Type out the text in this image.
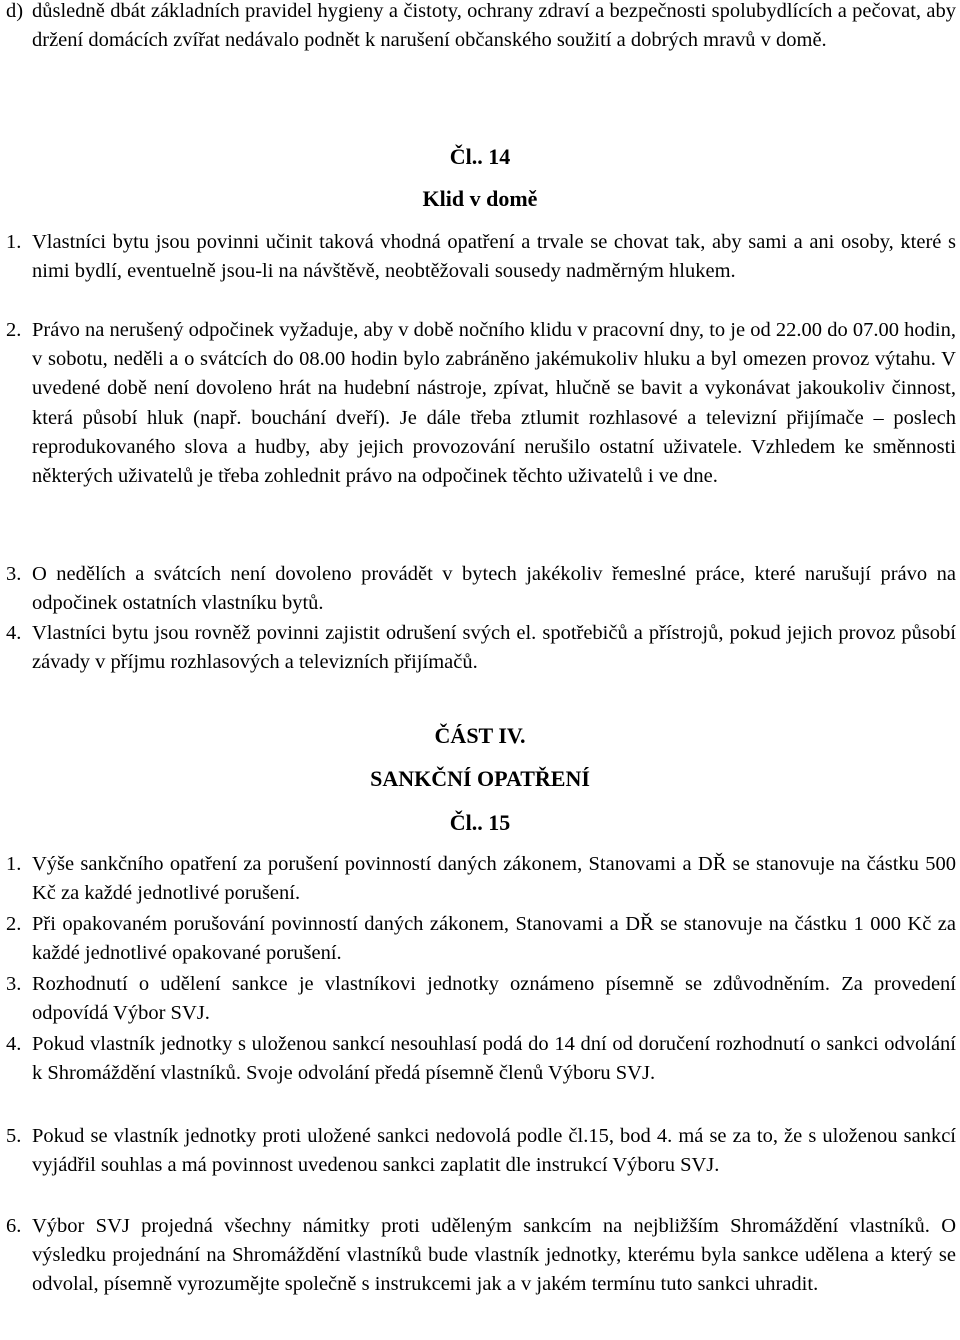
d) důsledně dbát základních pravidel hygieny a čistoty, ochrany zdraví a bezpečnosti spolubydlících a pečovat, aby držení domácích zvířat nedávalo podnět k narušení občanského soužití a dobrých mravů v domě.
Čl.. 14
Klid v domě
1. Vlastníci bytu jsou povinni učinit taková vhodná opatření a trvale se chovat tak, aby sami a ani osoby, které s nimi bydlí, eventuelně jsou-li na návštěvě, neobtěžovali sousedy nadměrným hlukem.
2. Právo na nerušený odpočinek vyžaduje, aby v době nočního klidu v pracovní dny, to je od 22.00 do 07.00 hodin, v sobotu, neděli a o svátcích do 08.00 hodin bylo zabráněno jakémukoliv hluku a byl omezen provoz výtahu. V uvedené době není dovoleno hrát na hudební nástroje, zpívat, hlučně se bavit a vykonávat jakoukoliv činnost, která působí hluk (např. bouchání dveří). Je dále třeba ztlumit rozhlasové a televizní přijímače – poslech reprodukovaného slova a hudby, aby jejich provozování nerušilo ostatní uživatele. Vzhledem ke směnnosti některých uživatelů je třeba zohlednit právo na odpočinek těchto uživatelů i ve dne.
3. O nedělích a svátcích není dovoleno provádět v bytech jakékoliv řemeslné práce, které narušují právo na odpočinek ostatních vlastníku bytů.
4. Vlastníci bytu jsou rovněž povinni zajistit odrušení svých el. spotřebičů a přístrojů, pokud jejich provoz působí závady v příjmu rozhlasových a televizních přijímačů.
ČÁST IV.
SANKČNÍ OPATŘENÍ
Čl.. 15
1. Výše sankčního opatření za porušení povinností daných zákonem, Stanovami a DŘ se stanovuje na částku 500 Kč za každé jednotlivé porušení.
2. Při opakovaném porušování povinností daných zákonem, Stanovami a DŘ se stanovuje na částku 1 000 Kč za každé jednotlivé opakované porušení.
3. Rozhodnutí o udělení sankce je vlastníkovi jednotky oznámeno písemně se zdůvodněním. Za provedení odpovídá Výbor SVJ.
4. Pokud vlastník jednotky s uloženou sankcí nesouhlasí podá do 14 dní od doručení rozhodnutí o sankci odvolání k Shromáždění vlastníků. Svoje odvolání předá písemně členů Výboru SVJ.
5. Pokud se vlastník jednotky proti uložené sankci nedovolá podle čl.15, bod 4. má se za to, že s uloženou sankcí vyjádřil souhlas a má povinnost uvedenou sankci zaplatit dle instrukcí Výboru SVJ.
6. Výbor SVJ projedná všechny námitky proti uděleným sankcím na nejbližším Shromáždění vlastníků. O výsledku projednání na Shromáždění vlastníků bude vlastník jednotky, kterému byla sankce udělena a který se odvolal, písemně vyrozumějte společně s instrukcemi jak a v jakém termínu tuto sankci uhradit.
